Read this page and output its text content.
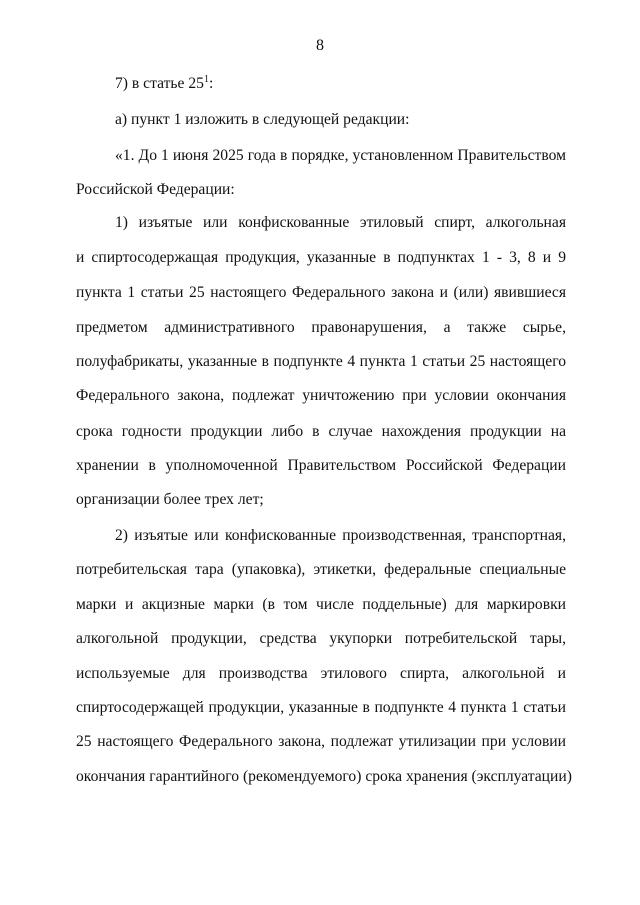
8
7) в статье $25^1$:
а) пункт 1 изложить в следующей редакции:
«1. До 1 июня 2025 года в порядке, установленном Правительством
Российской Федерации:
1) изъятые или конфискованные этиловый спирт, алкогольная
и спиртосодержащая продукция, указанные в подпунктах 1 - 3, 8 и 9
пункта 1 статьи 25 настоящего Федерального закона и (или) явившиеся
предметом административного правонарушения, а также сырье,
полуфабрикаты, указанные в подпункте 4 пункта 1 статьи 25 настоящего
Федерального закона, подлежат уничтожению при условии окончания
срока годности продукции либо в случае нахождения продукции на
хранении в уполномоченной Правительством Российской Федерации
организации более трех лет;
2) изъятые или конфискованные производственная, транспортная,
потребительская тара (упаковка), этикетки, федеральные специальные
марки и акцизные марки (в том числе поддельные) для маркировки
алкогольной продукции, средства укупорки потребительской тары,
используемые для производства этилового спирта, алкогольной и
спиртосодержащей продукции, указанные в подпункте 4 пункта 1 статьи
25 настоящего Федерального закона, подлежат утилизации при условии
окончания гарантийного (рекомендуемого) срока хранения (эксплуатации)
